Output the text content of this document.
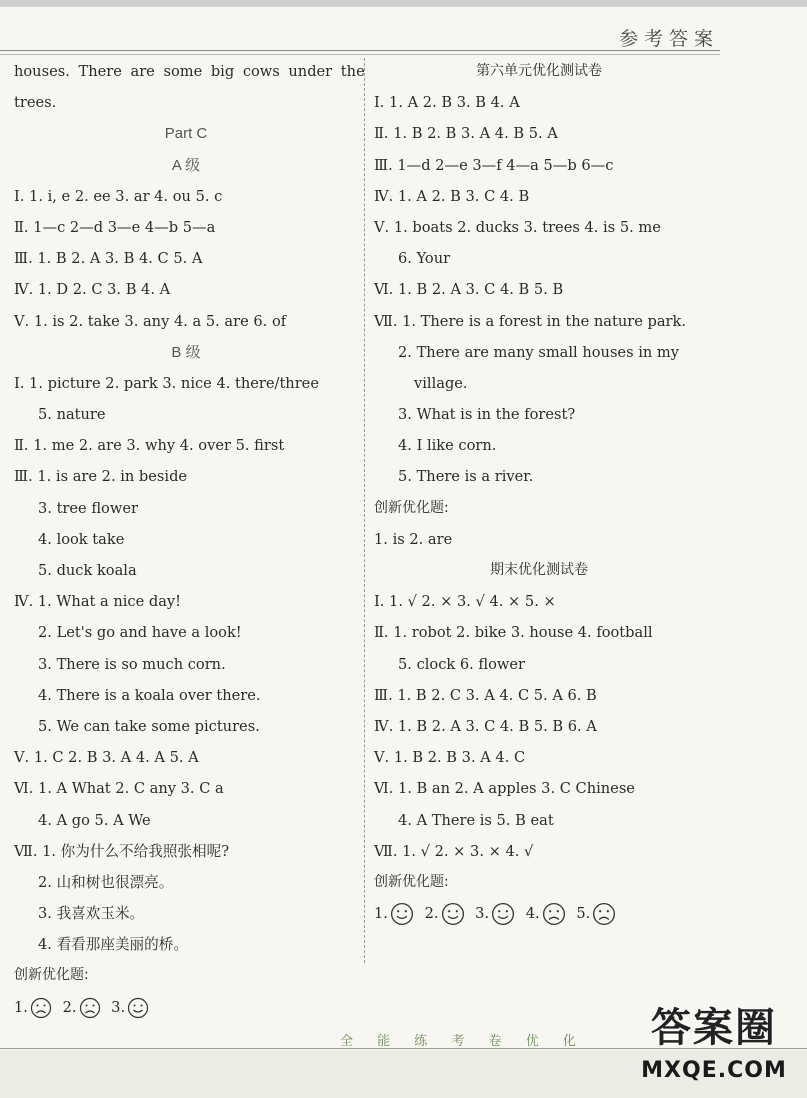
参考答案
houses. There are some big cows under the
trees.
Part C
A 级
Ⅰ. 1. i, e 2. ee 3. ar 4. ou 5. c
Ⅱ. 1—c 2—d 3—e 4—b 5—a
Ⅲ. 1. B 2. A 3. B 4. C 5. A
Ⅳ. 1. D 2. C 3. B 4. A
Ⅴ. 1. is 2. take 3. any 4. a 5. are 6. of
B 级
Ⅰ. 1. picture 2. park 3. nice 4. there/three
5. nature
Ⅱ. 1. me 2. are 3. why 4. over 5. first
Ⅲ. 1. is are 2. in beside
3. tree flower
4. look take
5. duck koala
Ⅳ. 1. What a nice day!
2. Let's go and have a look!
3. There is so much corn.
4. There is a koala over there.
5. We can take some pictures.
Ⅴ. 1. C 2. B 3. A 4. A 5. A
Ⅵ. 1. A What 2. C any 3. C a
4. A go 5. A We
Ⅶ. 1. 你为什么不给我照张相呢?
2. 山和树也很漂亮。
3. 我喜欢玉米。
4. 看看那座美丽的桥。
创新优化题:
1. 2. 3.
第六单元优化测试卷
Ⅰ. 1. A 2. B 3. B 4. A
Ⅱ. 1. B 2. B 3. A 4. B 5. A
Ⅲ. 1—d 2—e 3—f 4—a 5—b 6—c
Ⅳ. 1. A 2. B 3. C 4. B
Ⅴ. 1. boats 2. ducks 3. trees 4. is 5. me
6. Your
Ⅵ. 1. B 2. A 3. C 4. B 5. B
Ⅶ. 1. There is a forest in the nature park.
2. There are many small houses in my
village.
3. What is in the forest?
4. I like corn.
5. There is a river.
创新优化题:
1. is 2. are
期末优化测试卷
Ⅰ. 1. √ 2. × 3. √ 4. × 5. ×
Ⅱ. 1. robot 2. bike 3. house 4. football
5. clock 6. flower
Ⅲ. 1. B 2. C 3. A 4. C 5. A 6. B
Ⅳ. 1. B 2. A 3. C 4. B 5. B 6. A
Ⅴ. 1. B 2. B 3. A 4. C
Ⅵ. 1. B an 2. A apples 3. C Chinese
4. A There is 5. B eat
Ⅶ. 1. √ 2. × 3. × 4. √
创新优化题:
1.	2.	3.	4.	5.
全 能 练 考 卷 优 化	答案圈
MXQE.COM
